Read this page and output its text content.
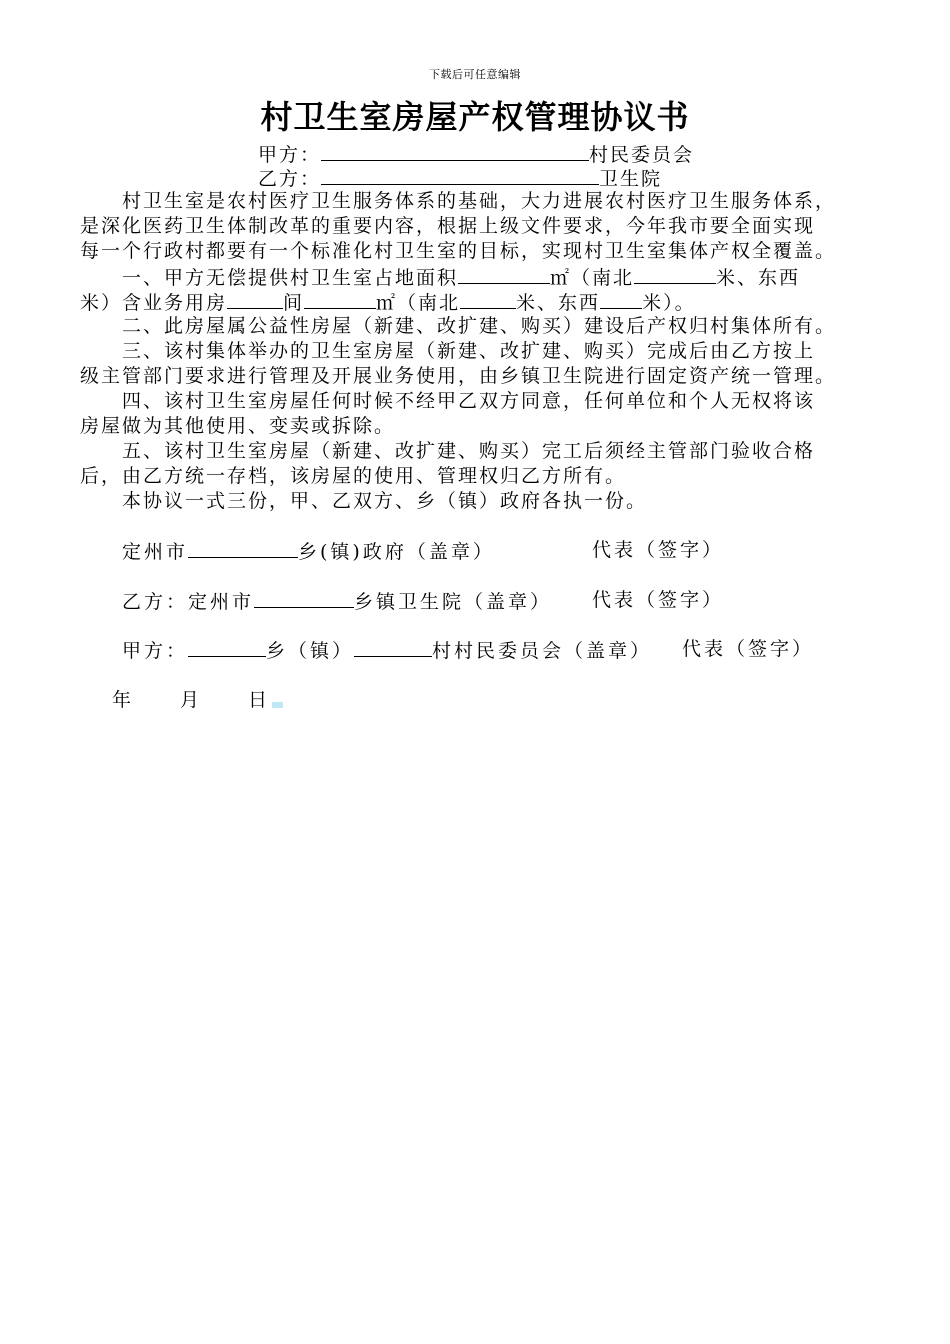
下载后可任意编辑
村卫生室房屋产权管理协议书
甲方：	村民委员会
乙方：	卫生院
村卫生室是农村医疗卫生服务体系的基础，大力进展农村医疗卫生服务体系，
是深化医药卫生体制改革的重要内容，根据上级文件要求，今年我市要全面实现
每一个行政村都要有一个标准化村卫生室的目标，实现村卫生室集体产权全覆盖。
一、甲方无偿提供村卫生室占地面积	㎡（南北	米、东西
米）含业务用房	间	㎡（南北	米、东西 米）。
二、此房屋属公益性房屋（新建、改扩建、购买）建设后产权归村集体所有。
三、该村集体举办的卫生室房屋（新建、改扩建、购买）完成后由乙方按上
级主管部门要求进行管理及开展业务使用，由乡镇卫生院进行固定资产统一管理。
四、该村卫生室房屋任何时候不经甲乙双方同意，任何单位和个人无权将该
房屋做为其他使用、变卖或拆除。
五、该村卫生室房屋（新建、改扩建、购买）完工后须经主管部门验收合格
后，由乙方统一存档，该房屋的使用、管理权归乙方所有。
本协议一式三份，甲、乙双方、乡（镇）政府各执一份。
定州市	乡(镇)政府（盖章）	代表（签字）
乙方：定州市	乡镇卫生院（盖章） 代表（签字）
甲方：	乡（镇）	村村民委员会（盖章） 代表（签字）
年 月 日
